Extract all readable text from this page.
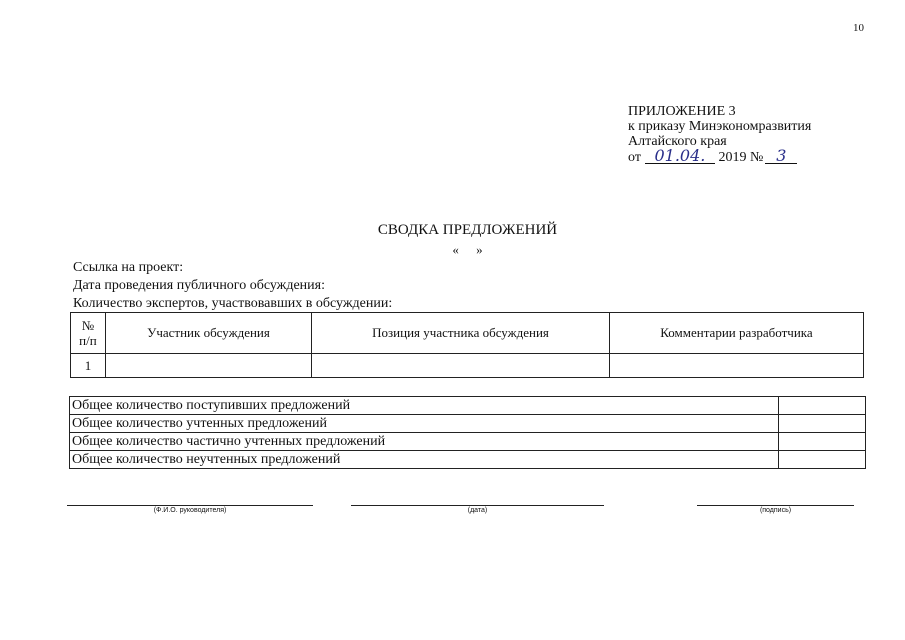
10
ПРИЛОЖЕНИЕ 3
к приказу Минэкономразвития
Алтайского края
от 01.04. 2019 № 3
СВОДКА ПРЕДЛОЖЕНИЙ
« »
Ссылка на проект:
Дата проведения публичного обсуждения:
Количество экспертов, участвовавших в обсуждении:
№
п/п	Участник обсуждения	Позиция участника обсуждения	Комментарии разработчика
1			
Общее количество поступивших предложений	
Общее количество учтенных предложений	
Общее количество частично учтенных предложений	
Общее количество неучтенных предложений	
(Ф.И.О. руководителя)	(дата)	(подпись)
